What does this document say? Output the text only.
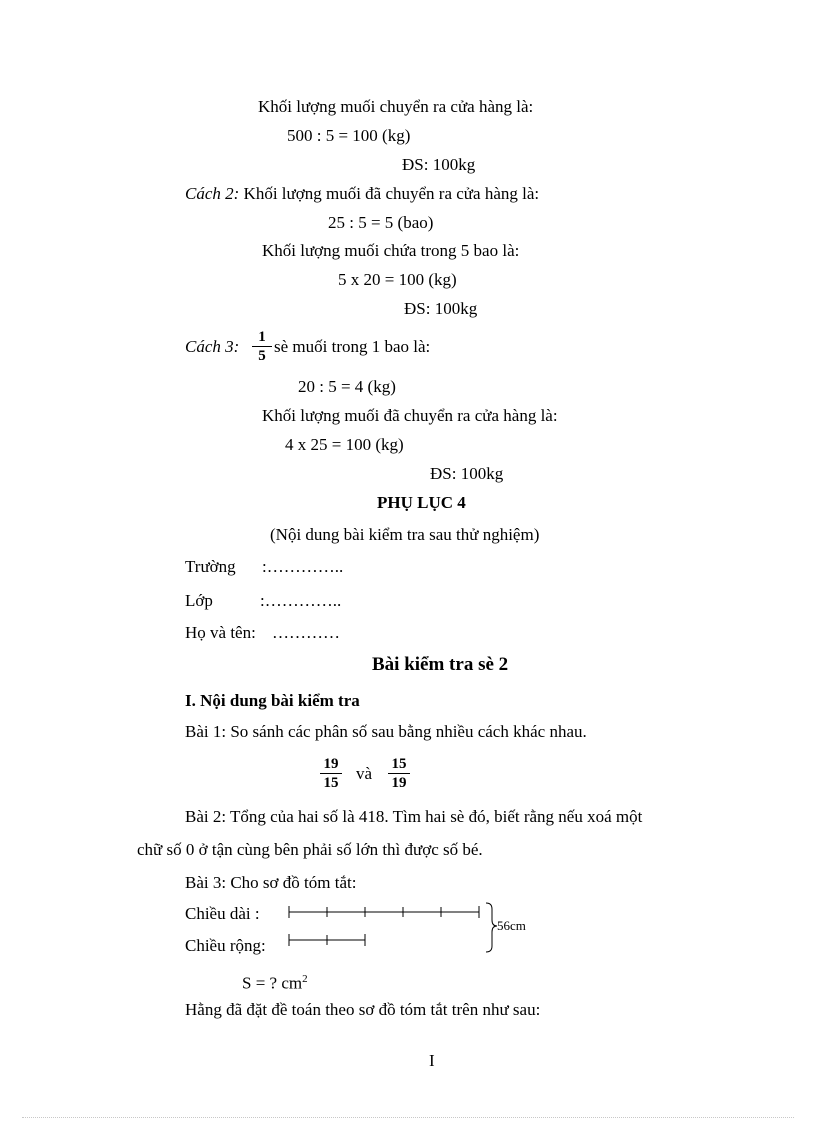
Khối lượng muối chuyển ra cửa hàng là:
500 : 5 = 100 (kg)
ĐS: 100kg
Cách 2: Khối lượng muối đã chuyển ra cửa hàng là:
25 : 5 = 5 (bao)
Khối lượng muối chứa trong 5 bao là:
5 x 20 = 100 (kg)
ĐS: 100kg
Cách 3: $\frac{1}{5}$ sè muối trong 1 bao là:
20 : 5 = 4 (kg)
Khối lượng muối đã chuyển ra cửa hàng là:
4 x 25 = 100 (kg)
ĐS: 100kg
PHỤ LỤC 4
(Nội dung bài kiểm tra sau thử nghiệm)
Trường :…………..
Lớp	:…………..
Họ và tên: …………
Bài kiểm tra sè 2
I. Nội dung bài kiểm tra
Bài 1: So sánh các phân số sau bằng nhiều cách khác nhau.
$\frac{19}{15}$ và $\frac{15}{19}$
Bài 2: Tổng của hai số là 418. Tìm hai sè đó, biết rằng nếu xoá một
chữ số 0 ở tận cùng bên phải số lớn thì được số bé.
Bài 3: Cho sơ đồ tóm tắt:
Chiều dài :
Chiều rộng:
56cm
S = ? $cm^2$
Hằng đã đặt đề toán theo sơ đồ tóm tắt trên như sau:
I
